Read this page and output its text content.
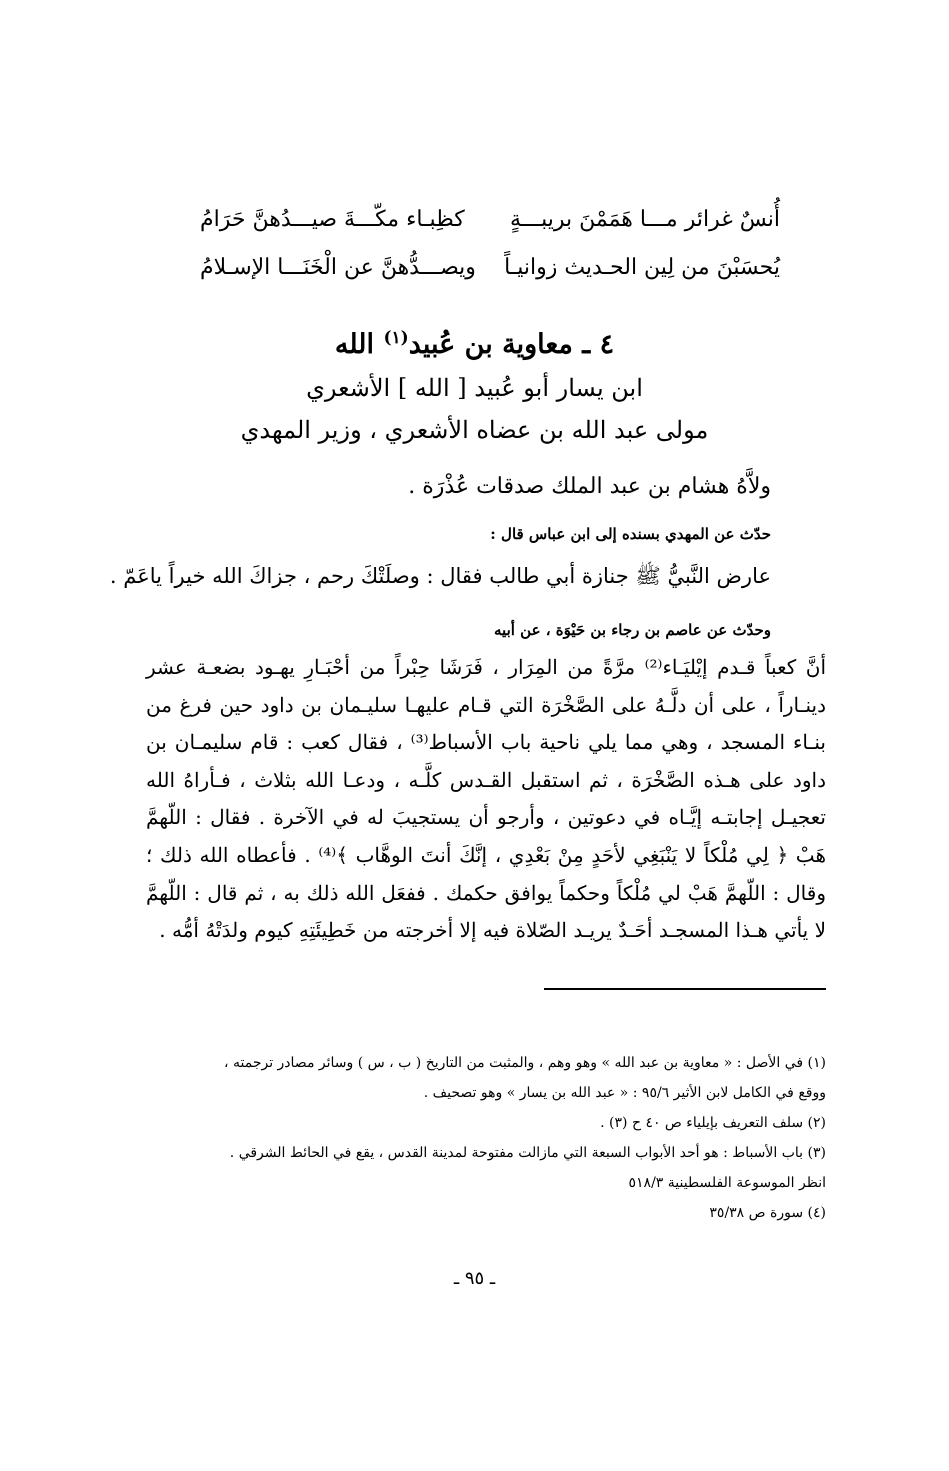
أُنسٌ غرائر مـــا هَمَمْنَ بريبـــةٍ
كظِبـاء مكّـــةَ صيـــدُهنَّ حَرَامُ
يُحسَبْنَ من لِين الحـديث زوانيـاً
ويصـــدُّهنَّ عن الْخَنَـــا الإسـلامُ
٤ ـ معاوية بن عُبيد$^{(١)}$ الله
ابن يسار أبو عُبيد [ الله ] الأشعري
مولى عبد الله بن عضاه الأشعري ، وزير المهدي
ولاَّهُ هشام بن عبد الملك صدقات عُذْرَة .
حدّث عن المهدي بسنده إلى ابن عباس قال :
عارض النَّبيُّ ﷺ جنازة أبي طالب فقال : وصلَتْكَ رحم ، جزاكَ الله خيراً ياعَمّ .
وحدّث عن عاصم بن رجاء بن حَيْوَة ، عن أبيه
أنَّ كعباً قـدم إيْليَـاء⁽²⁾ مرَّةً من المِرَار ، فَرَشَا حِبْراً من أحْبَـارِ يهـود بضعـة عشر دينـاراً ، على أن دلَّـهُ على الصَّخْرَة التي قـام عليهـا سليـمان بن داود حين فرغ من بنـاء المسجد ، وهي مما يلي ناحية باب الأسباط⁽³⁾ ، فقال كعب : قام سليمـان بن داود على هـذه الصَّخْرَة ، ثم استقبل القـدس كلَّـه ، ودعـا الله بثلاث ، فـأراهُ الله تعجيـل إجابتـه إيَّـاه في دعوتين ، وأرجو أن يستجيبَ له في الآخرة . فقال : اللّهمَّ هَبْ ﴿ لِي مُلْكاً لا يَنْبَغِي لأحَدٍ مِنْ بَعْدِي ، إنَّكَ أنتَ الوهَّاب ﴾⁽⁴⁾ . فأعطاه الله ذلك ؛ وقال : اللّهمَّ هَبْ لي مُلْكاً وحكماً يوافق حكمك . ففعَل الله ذلك به ، ثم قال : اللّهمَّ لا يأتي هـذا المسجـد أحَـدٌ يريـد الصّلاة فيه إلا أخرجته من خَطِيئَتِهِ كيوم ولدَتْهُ أمُّه .
(١) في الأصل : « معاوية بن عبد الله » وهو وهم ، والمثبت من التاريخ ( ب ، س ) وسائر مصادر ترجمته ،
ووقع في الكامل لابن الأثير ٩٥/٦ : « عبد الله بن يسار » وهو تصحيف .
(٢) سلف التعريف بإيلياء ص ٤٠ ح (٣) .
(٣) باب الأسباط : هو أحد الأبواب السبعة التي مازالت مفتوحة لمدينة القدس ، يقع في الحائط الشرقي .
انظر الموسوعة الفلسطينية ٥١٨/٣
(٤) سورة ص ٣٥/٣٨
ـ ٩٥ ـ
